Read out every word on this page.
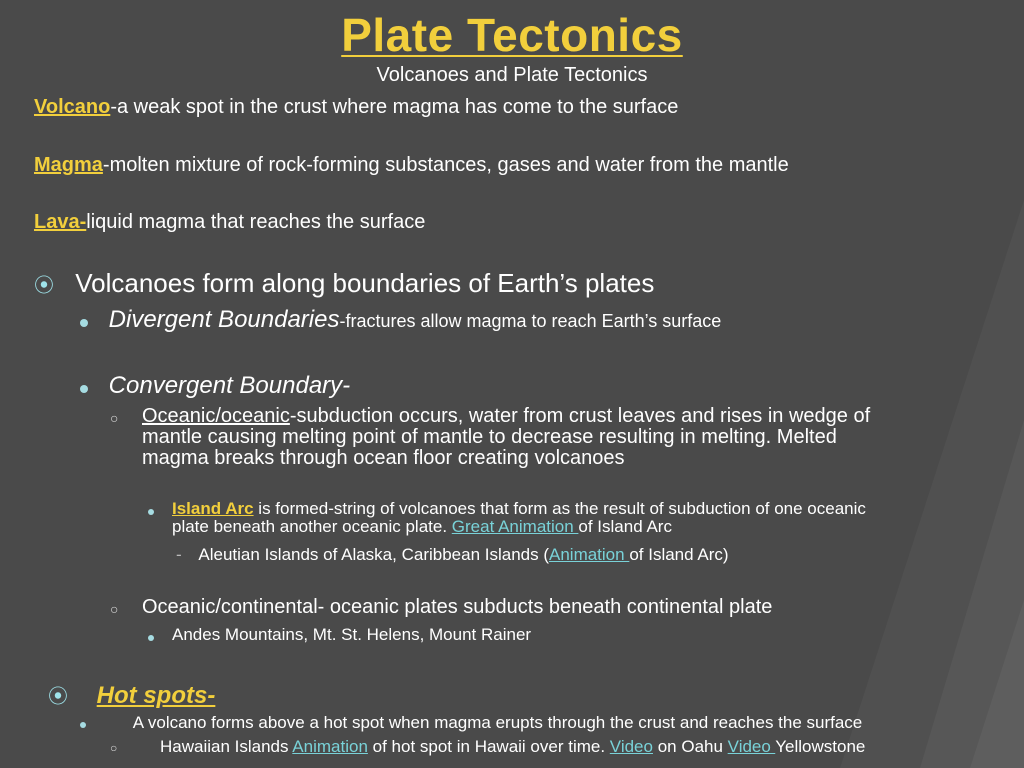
Plate Tectonics
Volcanoes and Plate Tectonics
Volcano-a weak spot in the crust where magma has come to the surface
Magma-molten mixture of rock-forming substances, gases and water from the mantle
Lava-liquid magma that reaches the surface
⦿ Volcanoes form along boundaries of Earth’s plates
Divergent Boundaries-fractures allow magma to reach Earth’s surface
Convergent Boundary-
○ Oceanic/oceanic-subduction occurs, water from crust leaves and rises in wedge of
mantle causing melting point of mantle to decrease resulting in melting. Melted
magma breaks through ocean floor creating volcanoes
Island Arc is formed-string of volcanoes that form as the result of subduction of one oceanic
plate beneath another oceanic plate. Great Animation of Island Arc
- Aleutian Islands of Alaska, Caribbean Islands (Animation of Island Arc)
○ Oceanic/continental- oceanic plates subducts beneath continental plate
Andes Mountains, Mt. St. Helens, Mount Rainer
⦿ Hot spots-
A volcano forms above a hot spot when magma erupts through the crust and reaches the surface
○	Hawaiian Islands Animation of hot spot in Hawaii over time. Video on Oahu Video Yellowstone
